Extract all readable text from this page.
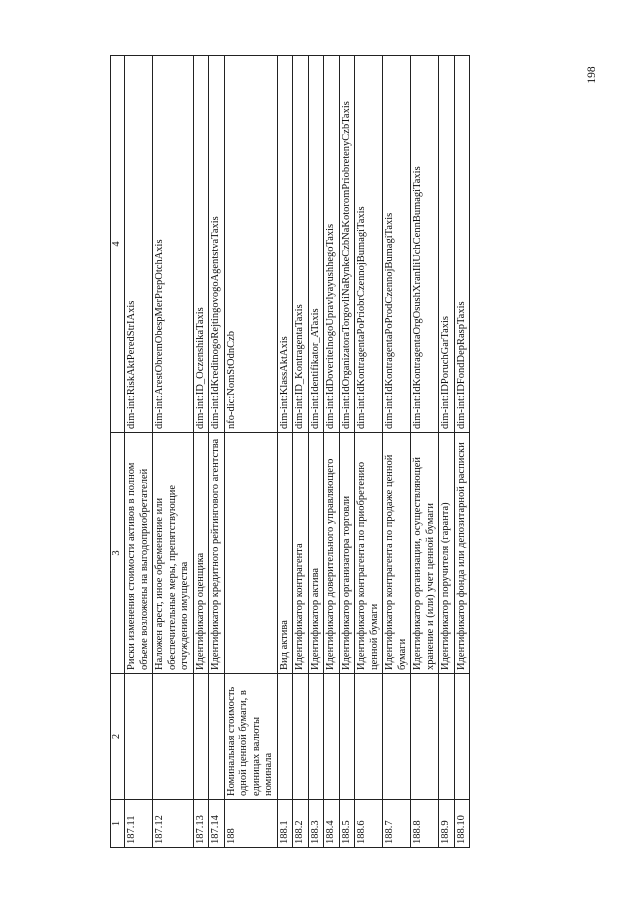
198
1	2	3	4
187.11		Риски изменения стоимости активов в полном объеме возложены на выгодоприобретателей	dim-int:RiskAktPeredStrIAxis
187.12		Наложен арест, иное обременение или обеспечительные меры, препятствующие отчуждению имущества	dim-int:ArestObremObespMerPrepOtchAxis
187.13		Идентификатор оценщика	dim-int:ID_OczenshikaTaxis
187.14		Идентификатор кредитного рейтингового агентства	dim-int:IdKreditnogoRejtingovogoAgentstvaTaxis
188	Номинальная стоимость одной ценной бумаги, в единицах валюты номинала		nfo-dic:NomStOdnCzb
188.1		Вид актива	dim-int:KlassAktAxis
188.2		Идентификатор контрагента	dim-int:ID_KontragentaTaxis
188.3		Идентификатор актива	dim-int:Identifikator_ATaxis
188.4		Идентификатор доверительного управляющего	dim-int:IdDoveritelnogoUpravlyayushhegoTaxis
188.5		Идентификатор организатора торговли	dim-int:IdOrganizatoraTorgovliNaRynkeCzbNaKotoromPriobretenyCzbTaxis
188.6		Идентификатор контрагента по приобретению ценной бумаги	dim-int:IdKontragentaPoPriobrCzennojBumagiTaxis
188.7		Идентификатор контрагента по продаже ценной бумаги	dim-int:IdKontragentaPoProdCzennojBumagiTaxis
188.8		Идентификатор организации, осуществляющей хранение и (или) учет ценной бумаги	dim-int:IdKontragentaOrgOsushXranIliUchCennBumagiTaxis
188.9		Идентификатор поручителя (гаранта)	dim-int:IDPoruchGarTaxis
188.10		Идентификатор фонда или депозитарной расписки	dim-int:IDFondDepRaspTaxis
